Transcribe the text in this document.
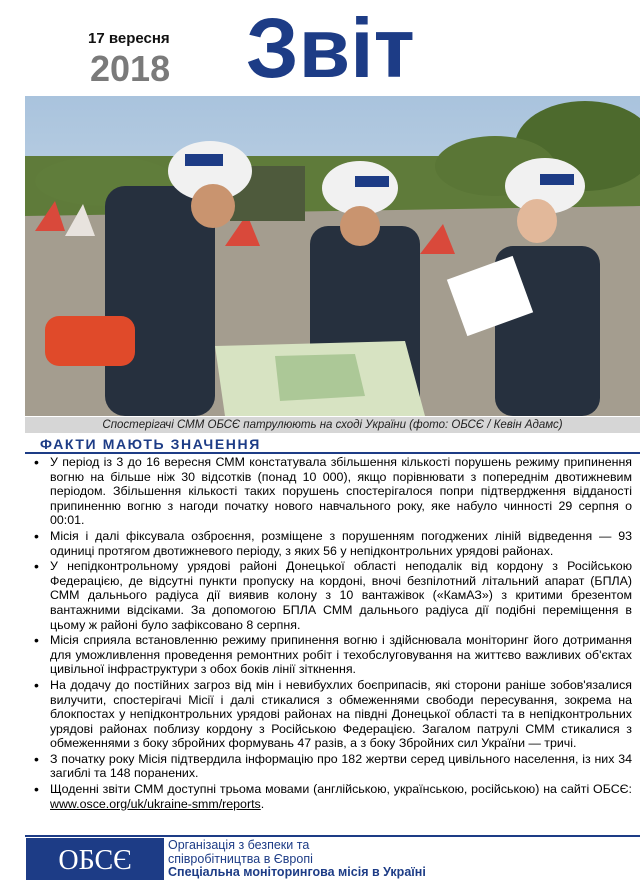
17 вересня
2018 Звіт
Спостерігачі СММ ОБСЄ патрулюють на сході України (фото: ОБСЄ / Кевін Адамс)
ФАКТИ МАЮТЬ ЗНАЧЕННЯ
• У період із 3 до 16 вересня СММ констатувала збільшення кількості порушень режиму припинення вогню на більше ніж 30 відсотків (понад 10 000), якщо порівнювати з попереднім двотижневим періодом. Збільшення кількості таких порушень спостерігалося попри підтвердження відданості припиненню вогню з нагоди початку нового навчального року, яке набуло чинності 29 серпня о 00:01.
• Місія і далі фіксувала озброєння, розміщене з порушенням погоджених ліній відведення — 93 одиниці протягом двотижневого періоду, з яких 56 у непідконтрольних урядові районах.
• У непідконтрольному урядові районі Донецької області неподалік від кордону з Російською Федерацією, де відсутні пункти пропуску на кордоні, вночі безпілотний літальний апарат (БПЛА) СММ дальнього радіуса дії виявив колону з 10 вантажівок («КамАЗ») з критими брезентом вантажними відсіками. За допомогою БПЛА СММ дальнього радіуса дії подібні переміщення в цьому ж районі було зафіксовано 8 серпня.
• Місія сприяла встановленню режиму припинення вогню і здійснювала моніторинг його дотримання для уможливлення проведення ремонтних робіт і техобслуговування на життєво важливих об'єктах цивільної інфраструктури з обох боків лінії зіткнення.
• На додачу до постійних загроз від мін і невибухлих боєприпасів, які сторони раніше зобов'язалися вилучити, спостерігачі Місії і далі стикалися з обмеженнями свободи пересування, зокрема на блокпостах у непідконтрольних урядові районах на півдні Донецької області та в непідконтрольних урядові районах поблизу кордону з Російською Федерацією. Загалом патрулі СММ стикалися з обмеженнями з боку збройних формувань 47 разів, а з боку Збройних сил України — тричі.
• З початку року Місія підтвердила інформацію про 182 жертви серед цивільного населення, із них 34 загиблі та 148 поранених.
• Щоденні звіти СММ доступні трьома мовами (англійською, українською, російською) на сайті ОБСЄ: www.osce.org/uk/ukraine-smm/reports.
ОБСЄ	Організація з безпеки та
співробітництва в Європі
Спеціальна моніторингова місія в Україні
